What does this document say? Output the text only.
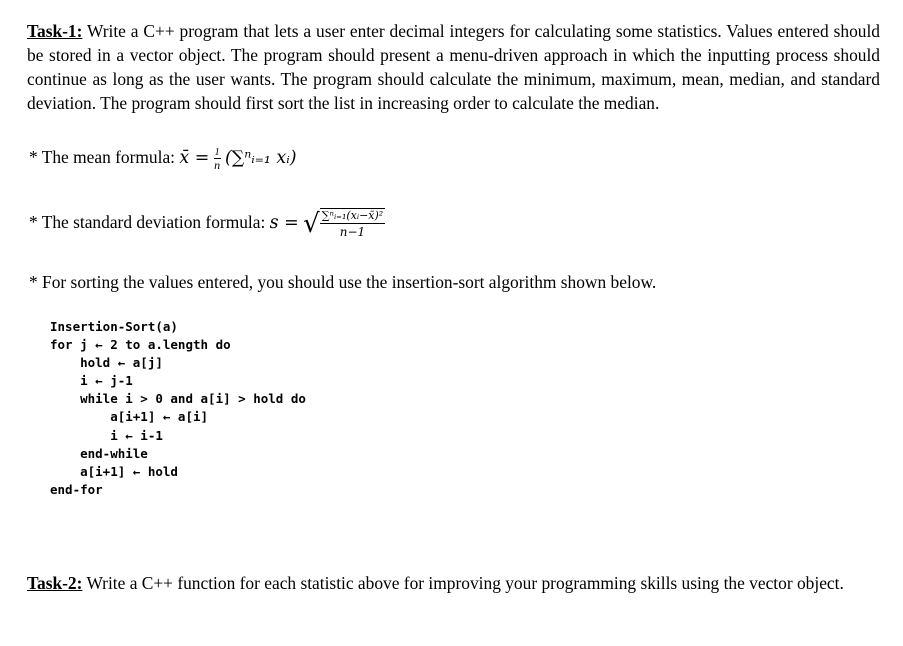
Task-1: Write a C++ program that lets a user enter decimal integers for calculating some statistics. Values entered should be stored in a vector object. The program should present a menu-driven approach in which the inputting process should continue as long as the user wants. The program should calculate the minimum, maximum, mean, median, and standard deviation. The program should first sort the list in increasing order to calculate the median.

* The mean formula: x̄ = $\frac{1}{n}$ (∑ⁿᵢ₌₁ xᵢ)
* The standard deviation formula: s = √ $\frac{\text{∑ⁿᵢ₌₁(xᵢ−x̄)²}}{n-1}$
* For sorting the values entered, you should use the insertion-sort algorithm shown below.
Insertion-Sort(a)
for j ← 2 to a.length do
hold ← a[j]
i ← j-1
while i > 0 and a[i] > hold do
a[i+1] ← a[i]
i ← i-1
end-while
a[i+1] ← hold
end-for

Task-2: Write a C++ function for each statistic above for improving your programming skills using the vector object.
